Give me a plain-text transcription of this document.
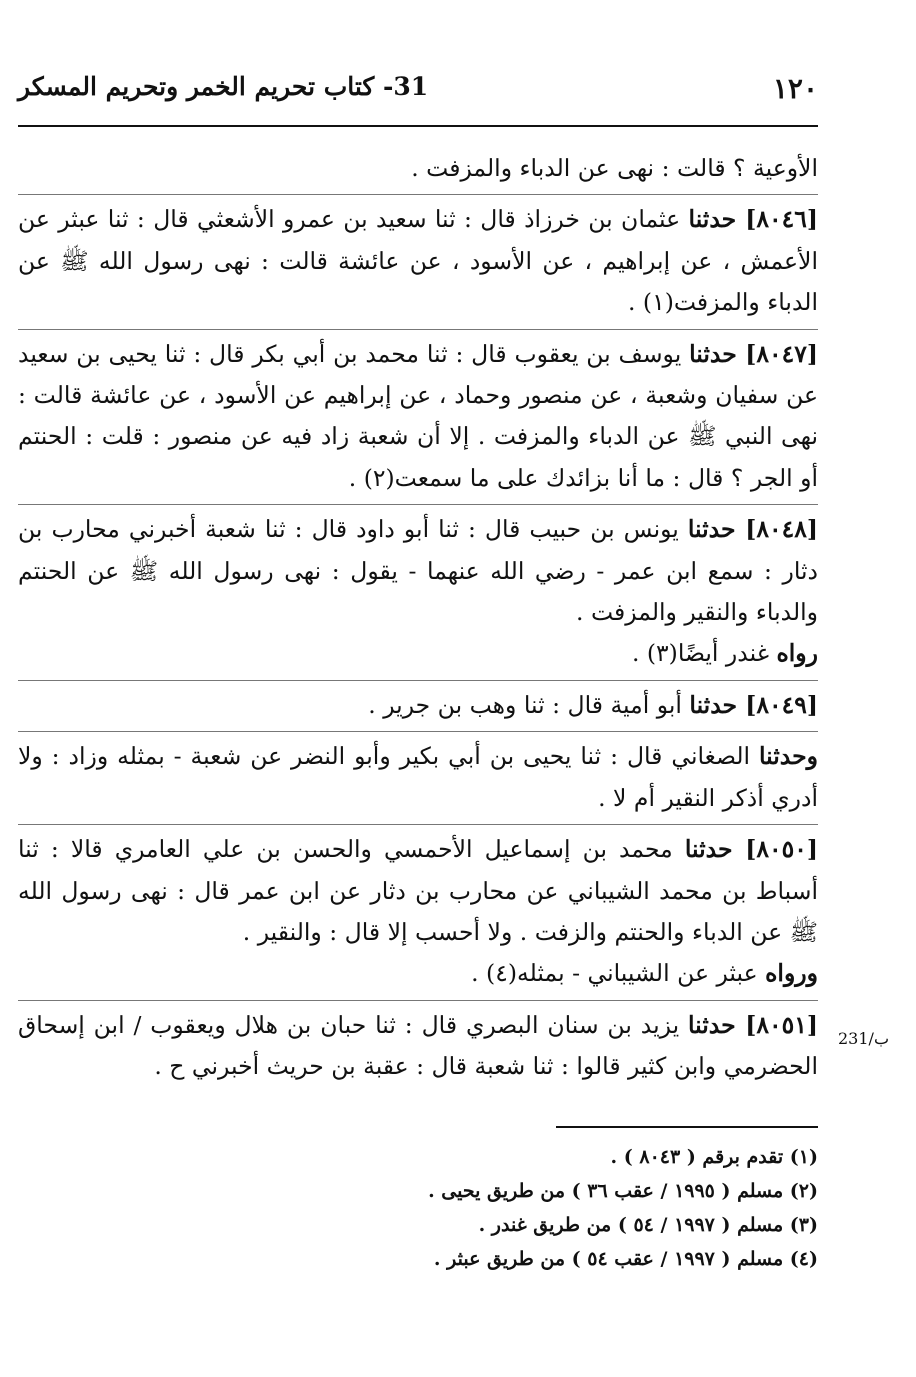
١٢٠
31- كتاب تحريم الخمر وتحريم المسكر

الأوعية ؟ قالت : نهى عن الدباء والمزفت .

[٨٠٤٦] حدثنا عثمان بن خرزاذ قال : ثنا سعيد بن عمرو الأشعثي قال : ثنا عبثر عن الأعمش ، عن إبراهيم ، عن الأسود ، عن عائشة قالت : نهى رسول الله ﷺ عن الدباء والمزفت(١) .

[٨٠٤٧] حدثنا يوسف بن يعقوب قال : ثنا محمد بن أبي بكر قال : ثنا يحيى بن سعيد عن سفيان وشعبة ، عن منصور وحماد ، عن إبراهيم عن الأسود ، عن عائشة قالت : نهى النبي ﷺ عن الدباء والمزفت . إلا أن شعبة زاد فيه عن منصور : قلت : الحنتم أو الجر ؟ قال : ما أنا بزائدك على ما سمعت(٢) .

[٨٠٤٨] حدثنا يونس بن حبيب قال : ثنا أبو داود قال : ثنا شعبة أخبرني محارب بن دثار : سمع ابن عمر - رضي الله عنهما - يقول : نهى رسول الله ﷺ عن الحنتم والدباء والنقير والمزفت .

رواه غندر أيضًا(٣) .

[٨٠٤٩] حدثنا أبو أمية قال : ثنا وهب بن جرير .

وحدثنا الصغاني قال : ثنا يحيى بن أبي بكير وأبو النضر عن شعبة - بمثله وزاد : ولا أدري أذكر النقير أم لا .

[٨٠٥٠] حدثنا محمد بن إسماعيل الأحمسي والحسن بن علي العامري قالا : ثنا أسباط بن محمد الشيباني عن محارب بن دثار عن ابن عمر قال : نهى رسول الله ﷺ عن الدباء والحنتم والزفت . ولا أحسب إلا قال : والنقير .

ورواه عبثر عن الشيباني - بمثله(٤) .

[٨٠٥١] حدثنا يزيد بن سنان البصري قال : ثنا حبان بن هلال ويعقوب / ابن إسحاق الحضرمي وابن كثير قالوا : ثنا شعبة قال : عقبة بن حريث أخبرني ح .

231/ب

(١) تقدم برقم ( ٨٠٤٣ ) .

(٢) مسلم ( ١٩٩٥ / عقب ٣٦ ) من طريق يحيى .

(٣) مسلم ( ١٩٩٧ / ٥٤ ) من طريق غندر .

(٤) مسلم ( ١٩٩٧ / عقب ٥٤ ) من طريق عبثر .
